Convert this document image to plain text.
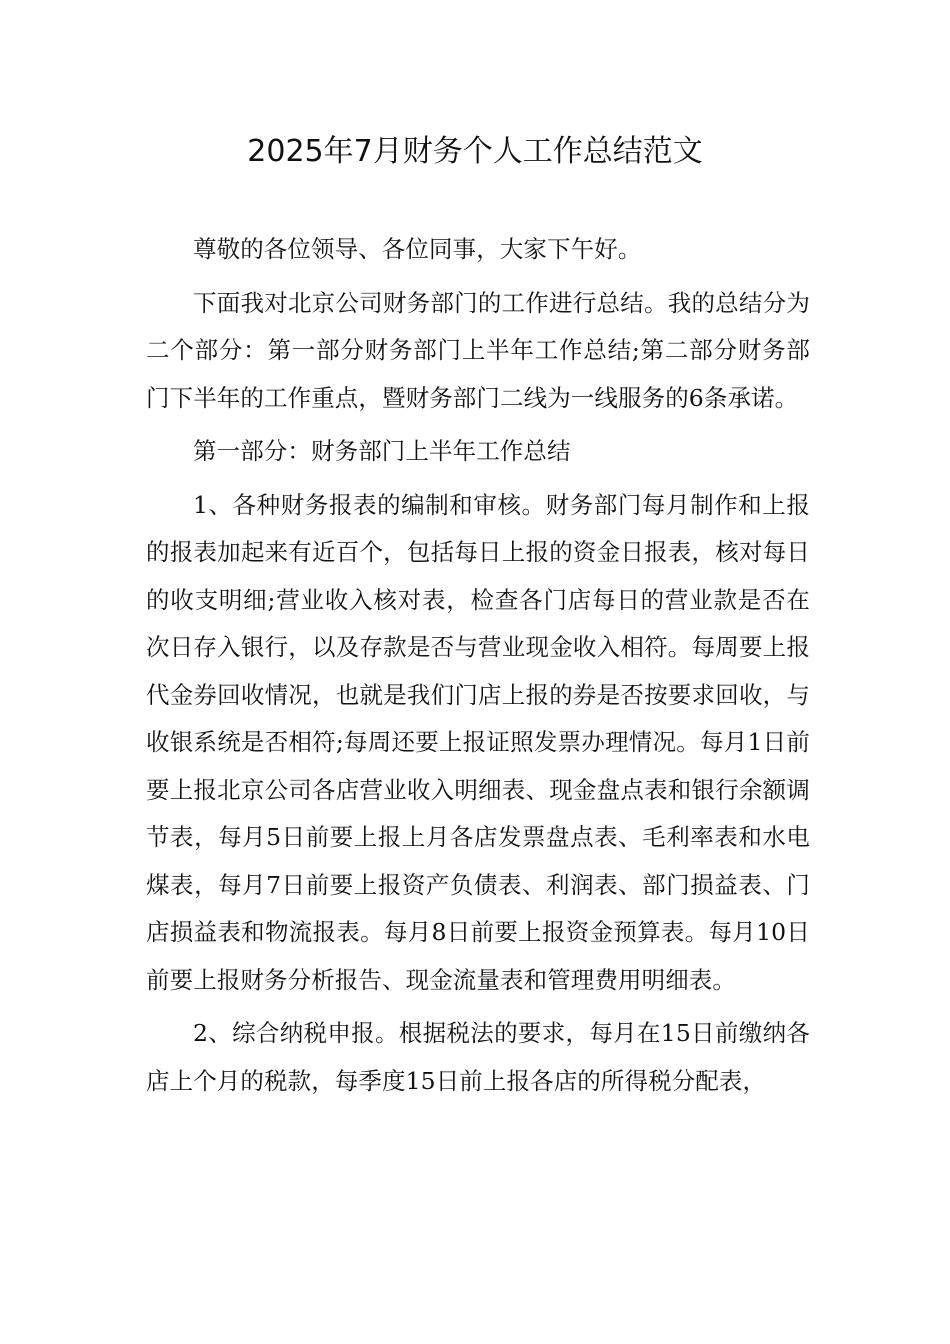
2025年7月财务个人工作总结范文

尊敬的各位领导、各位同事，大家下午好。

下面我对北京公司财务部门的工作进行总结。我的总结分为二个部分：第一部分财务部门上半年工作总结;第二部分财务部门下半年的工作重点，暨财务部门二线为一线服务的6条承诺。

第一部分：财务部门上半年工作总结

1、各种财务报表的编制和审核。财务部门每月制作和上报的报表加起来有近百个，包括每日上报的资金日报表，核对每日的收支明细;营业收入核对表，检查各门店每日的营业款是否在次日存入银行，以及存款是否与营业现金收入相符。每周要上报代金券回收情况，也就是我们门店上报的券是否按要求回收，与收银系统是否相符;每周还要上报证照发票办理情况。每月1日前要上报北京公司各店营业收入明细表、现金盘点表和银行余额调节表，每月5日前要上报上月各店发票盘点表、毛利率表和水电煤表，每月7日前要上报资产负债表、利润表、部门损益表、门店损益表和物流报表。每月8日前要上报资金预算表。每月10日前要上报财务分析报告、现金流量表和管理费用明细表。

2、综合纳税申报。根据税法的要求，每月在15日前缴纳各店上个月的税款，每季度15日前上报各店的所得税分配表，
